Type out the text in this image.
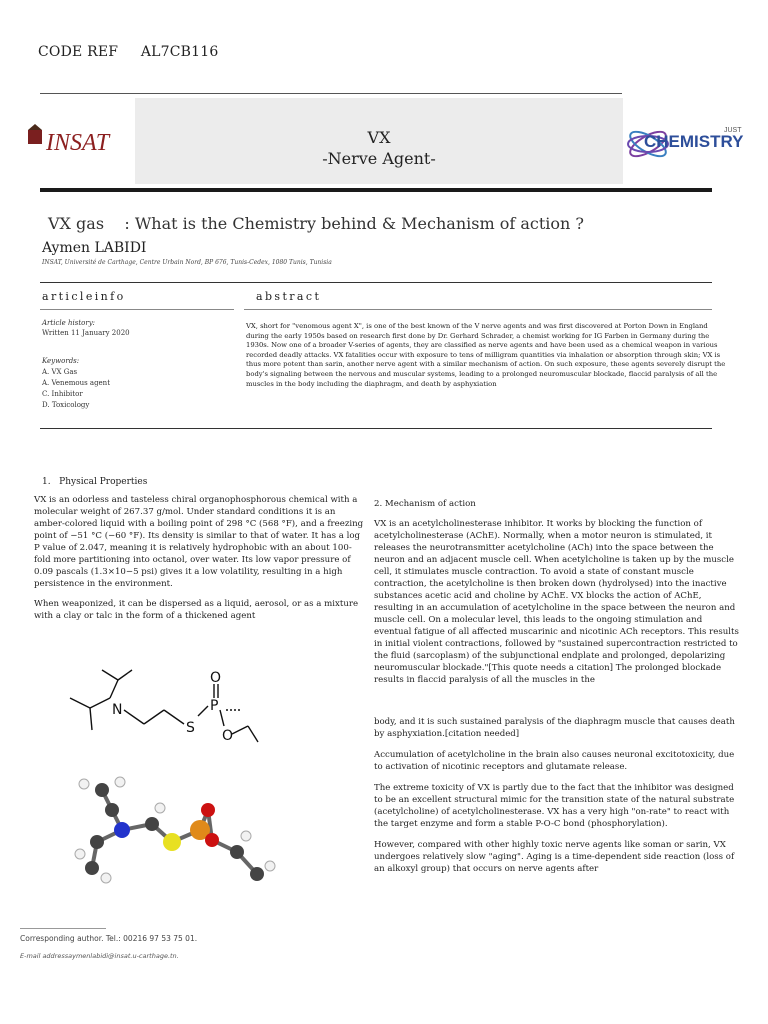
CODE REF AL7CB116
INSAT	VX
-Nerve Agent-
JUST
CHEMISTRY
VX gas    : What is the Chemistry behind & Mechanism of action ?
Aymen LABIDI
INSAT, Université de Carthage, Centre Urbain Nord, BP 676, Tunis-Cedex, 1080 Tunis, Tunisia
articleinfo
Article history:
Written 11 January 2020
Keywords:
A. VX Gas
A. Venemous agent
C. Inhibitor
D. Toxicology
abstract
VX, short for "venomous agent X", is one of the best known of the V nerve agents and was first discovered at Porton Down in England during the early 1950s based on research first done by Dr. Gerhard Schrader, a chemist working for IG Farben in Germany during the 1930s. Now one of a broader V-series of agents, they are classified as nerve agents and have been used as a chemical weapon in various recorded deadly attacks. VX fatalities occur with exposure to tens of milligram quantities via inhalation or absorption through skin; VX is thus more potent than sarin, another nerve agent with a similar mechanism of action. On such exposure, these agents severely disrupt the body's signaling between the nervous and muscular systems, leading to a prolonged neuromuscular blockade, flaccid paralysis of all the muscles in the body including the diaphragm, and death by asphyxiation
1.   Physical Properties

VX is an odorless and tasteless chiral organophosphorous chemical with a molecular weight of 267.37 g/mol. Under standard conditions it is an amber-colored liquid with a boiling point of 298 °C (568 °F), and a freezing point of −51 °C (−60 °F). Its density is similar to that of water. It has a log P value of 2.047, meaning it is relatively hydrophobic with an about 100-fold more partitioning into octanol, over water. Its low vapor pressure of 0.09 pascals (1.3×10−5 psi) gives it a low volatility, resulting in a high persistence in the environment.

When weaponized, it can be dispersed as a liquid, aerosol, or as a mixture with a clay or talc in the form of a thickened agent

N
S
P
O
O
2. Mechanism of action

VX is an acetylcholinesterase inhibitor. It works by blocking the function of acetylcholinesterase (AChE). Normally, when a motor neuron is stimulated, it releases the neurotransmitter acetylcholine (ACh) into the space between the neuron and an adjacent muscle cell. When acetylcholine is taken up by the muscle cell, it stimulates muscle contraction. To avoid a state of constant muscle contraction, the acetylcholine is then broken down (hydrolysed) into the inactive substances acetic acid and choline by AChE. VX blocks the action of AChE, resulting in an accumulation of acetylcholine in the space between the neuron and muscle cell. On a molecular level, this leads to the ongoing stimulation and eventual fatigue of all affected muscarinic and nicotinic ACh receptors. This results in initial violent contractions, followed by "sustained supercontraction restricted to the fluid (sarcoplasm) of the subjunctional endplate and prolonged, depolarizing neuromuscular blockade."[This quote needs a citation] The prolonged blockade results in flaccid paralysis of all the muscles in the

body, and it is such sustained paralysis of the diaphragm muscle that causes death by asphyxiation.[citation needed]

Accumulation of acetylcholine in the brain also causes neuronal excitotoxicity, due to activation of nicotinic receptors and glutamate release.

The extreme toxicity of VX is partly due to the fact that the inhibitor was designed to be an excellent structural mimic for the transition state of the natural substrate (acetylcholine) of acetylcholinesterase. VX has a very high "on-rate" to react with the target enzyme and form a stable P-O-C bond (phosphorylation).

However, compared with other highly toxic nerve agents like soman or sarin, VX undergoes relatively slow "aging". Aging is a time-dependent side reaction (loss of an alkoxyl group) that occurs on nerve agents after

Corresponding author. Tel.: 00216 97 53 75 01.
E-mail addressaymenlabidi@insat.u-carthage.tn.
